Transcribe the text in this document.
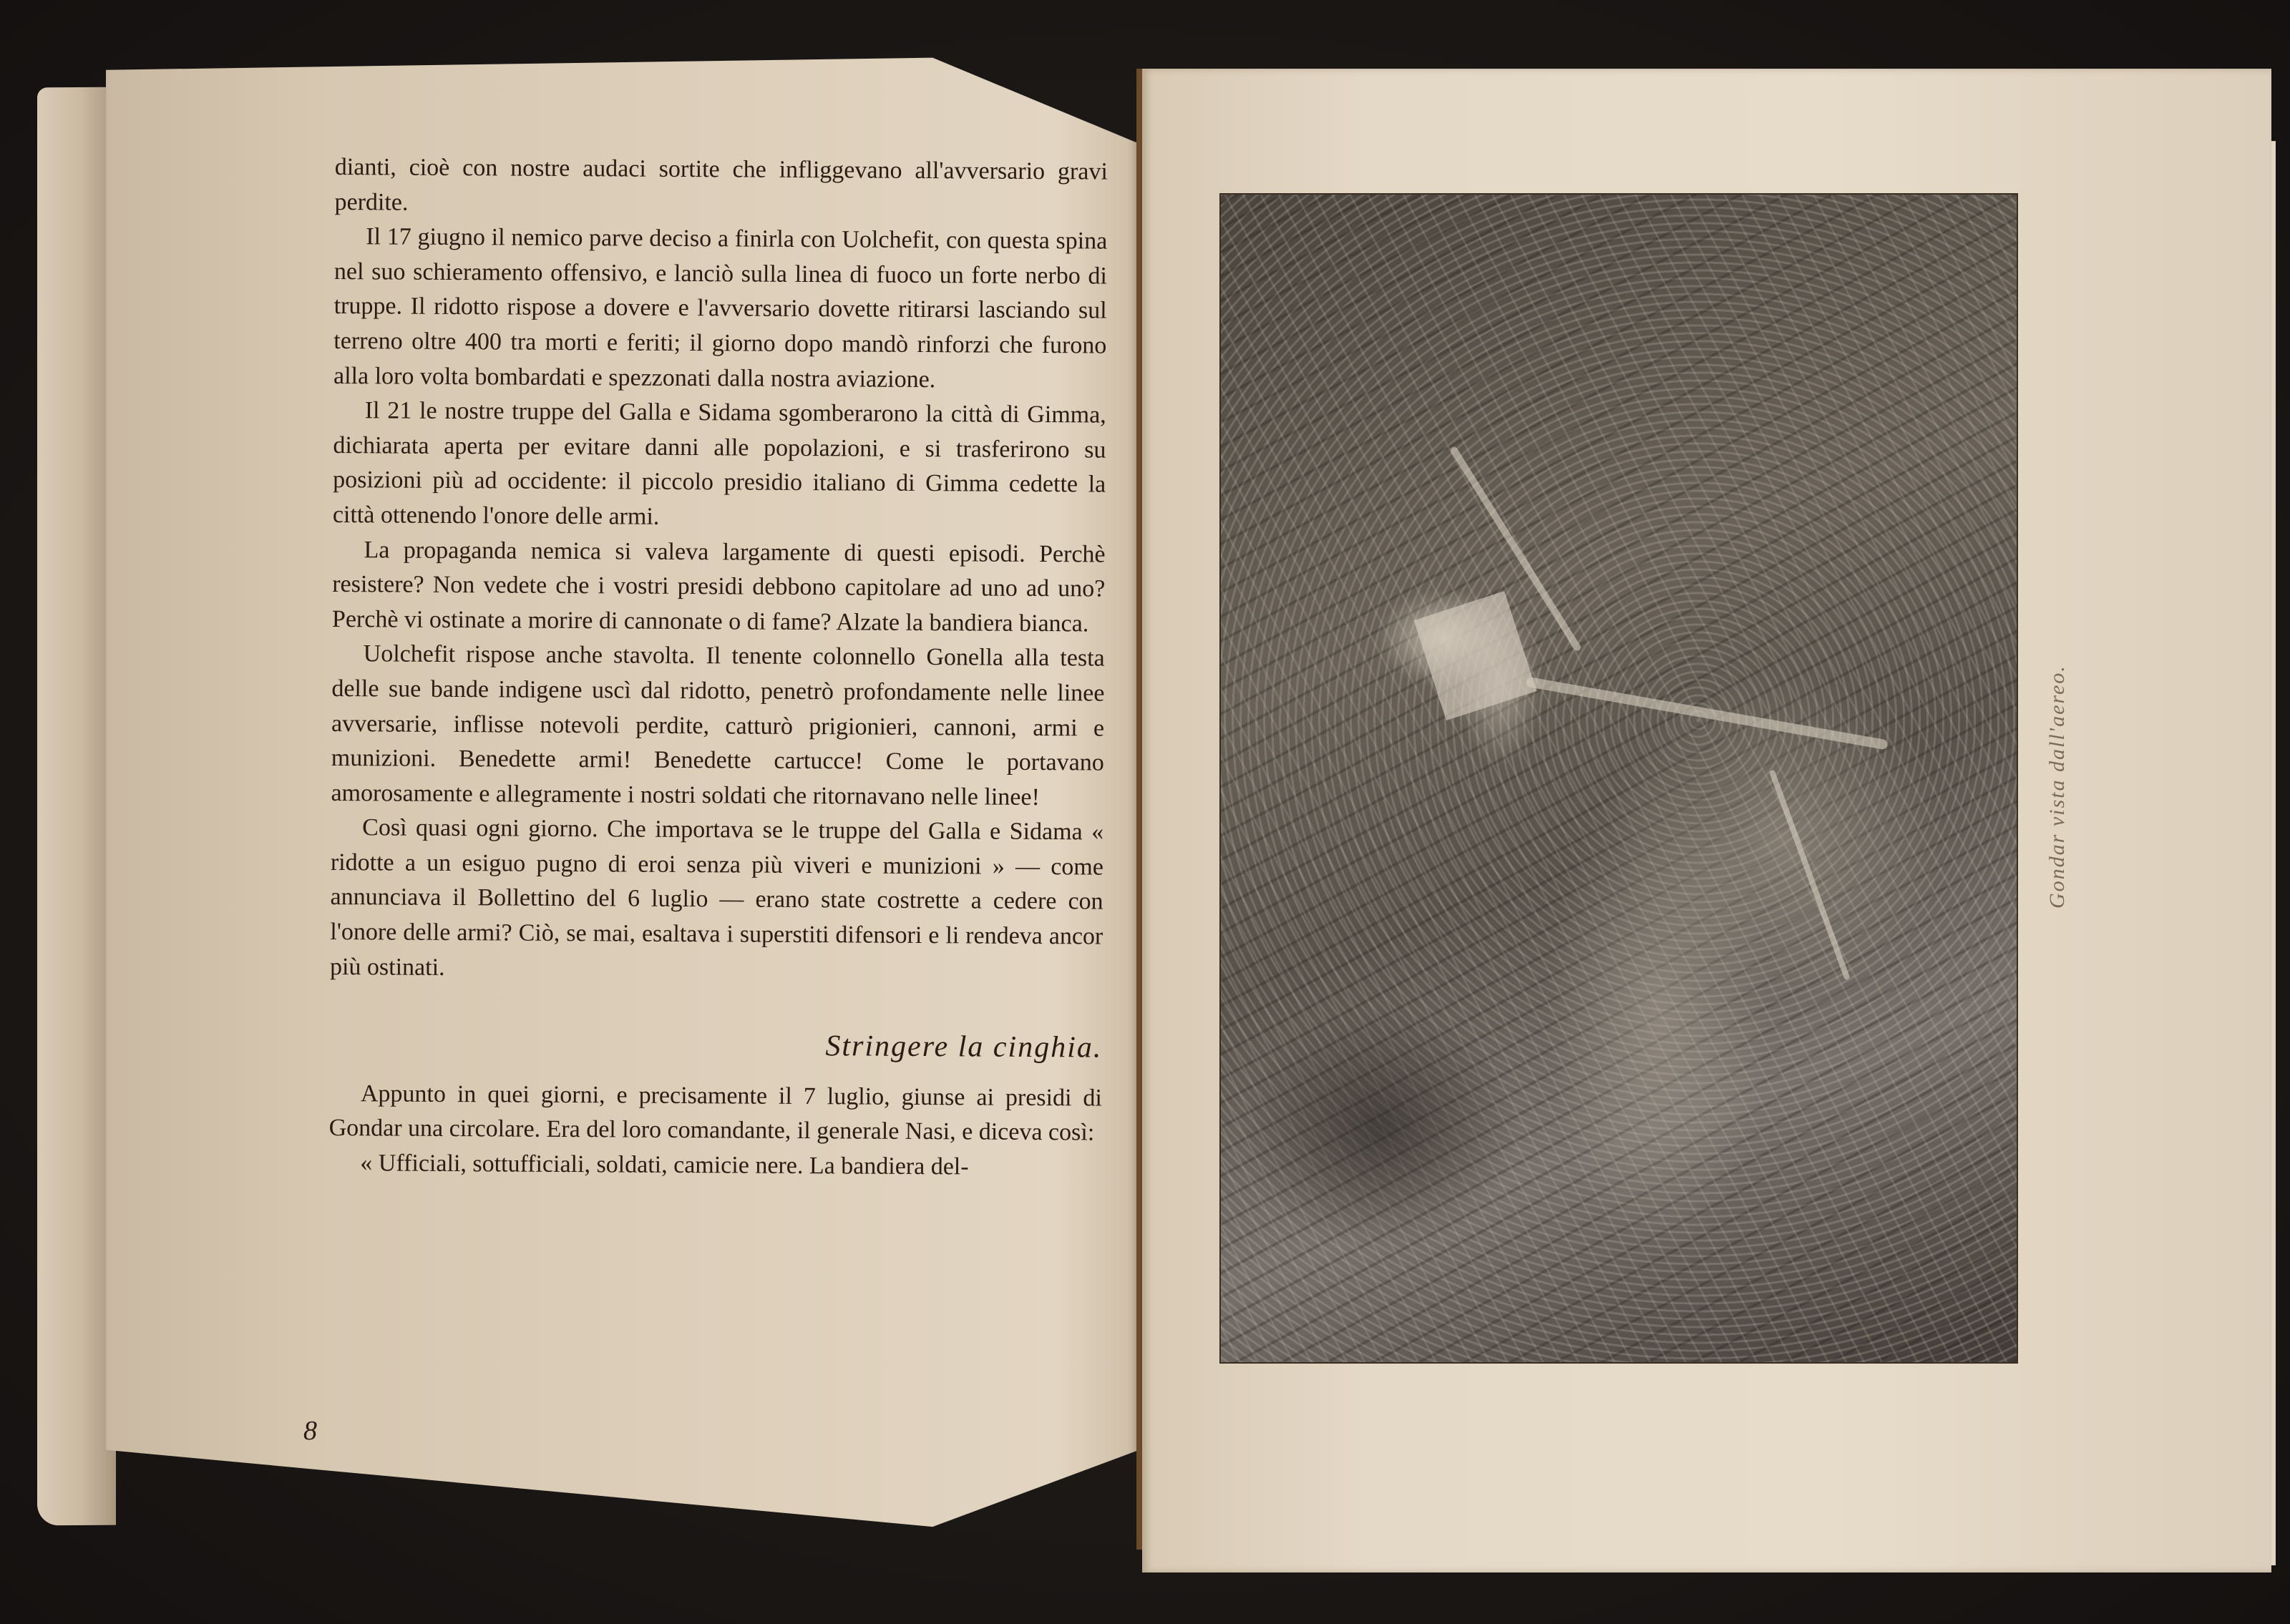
dianti, cioè con nostre audaci sortite che infliggevano all'avversario gravi perdite.

Il 17 giugno il nemico parve deciso a finirla con Uolchefit, con questa spina nel suo schieramento offensivo, e lanciò sulla linea di fuoco un forte nerbo di truppe. Il ridotto rispose a dovere e l'avversario dovette ritirarsi lasciando sul terreno oltre 400 tra morti e feriti; il giorno dopo mandò rinforzi che furono alla loro volta bombardati e spezzonati dalla nostra aviazione.

Il 21 le nostre truppe del Galla e Sidama sgomberarono la città di Gimma, dichiarata aperta per evitare danni alle popolazioni, e si trasferirono su posizioni più ad occidente: il piccolo presidio italiano di Gimma cedette la città ottenendo l'onore delle armi.

La propaganda nemica si valeva largamente di questi episodi. Perchè resistere? Non vedete che i vostri presidi debbono capitolare ad uno ad uno? Perchè vi ostinate a morire di cannonate o di fame? Alzate la bandiera bianca.

Uolchefit rispose anche stavolta. Il tenente colonnello Gonella alla testa delle sue bande indigene uscì dal ridotto, penetrò profondamente nelle linee avversarie, inflisse notevoli perdite, catturò prigionieri, cannoni, armi e munizioni. Benedette armi! Benedette cartucce! Come le portavano amorosamente e allegramente i nostri soldati che ritornavano nelle linee!

Così quasi ogni giorno. Che importava se le truppe del Galla e Sidama « ridotte a un esiguo pugno di eroi senza più viveri e munizioni » — come annunciava il Bollettino del 6 luglio — erano state costrette a cedere con l'onore delle armi? Ciò, se mai, esaltava i superstiti difensori e li rendeva ancor più ostinati.

Stringere la cinghia.

Appunto in quei giorni, e precisamente il 7 luglio, giunse ai presidi di Gondar una circolare. Era del loro comandante, il generale Nasi, e diceva così:

« Ufficiali, sottufficiali, soldati, camicie nere. La bandiera del-

8
Gondar vista dall'aereo.
